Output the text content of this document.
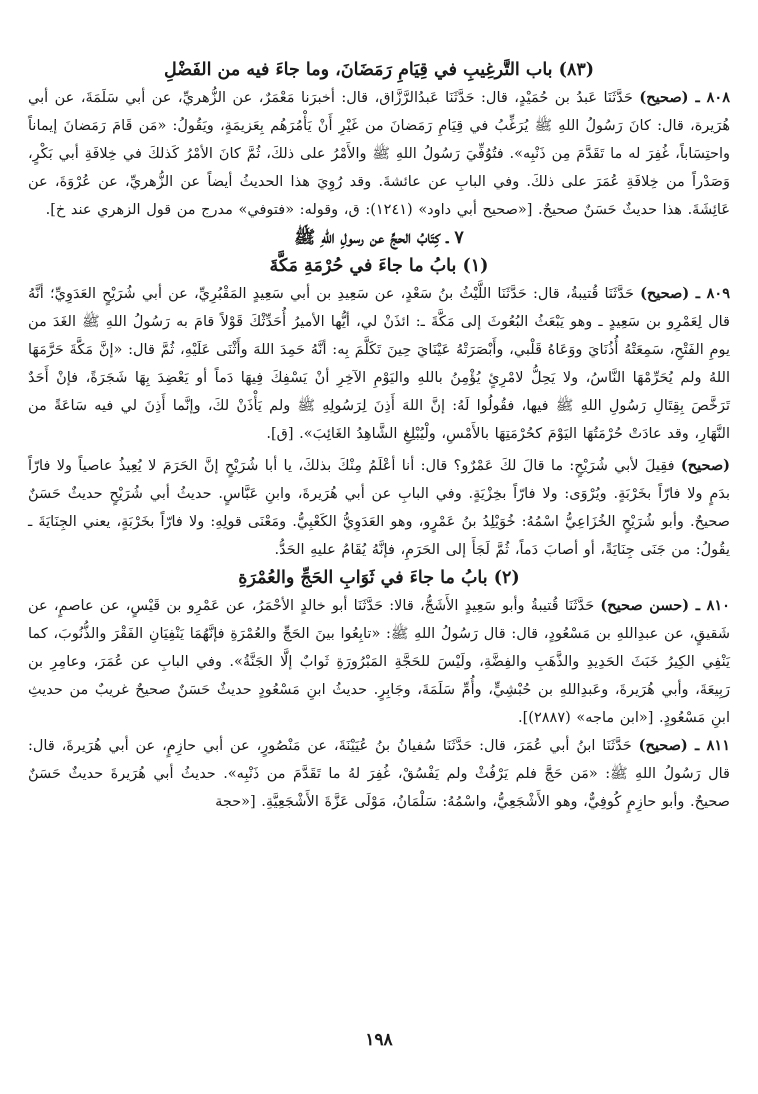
(٨٣) باب التَّرغِيبِ في قِيَامِ رَمَضَانَ، وما جاءَ فيه من الفَضْلِ

٨٠٨ ـ (صحيح) حَدَّثَنَا عَبدُ بن حُمَيْدٍ، قال: حَدَّثَنَا عَبدُالرَّزَّاق، قال: أخبرَنا مَعْمَرٌ، عن الزُّهريِّ، عن أبي سَلَمَةَ، عن أبي هُرَيرة، قال: كانَ رَسُولُ اللهِ ﷺ يُرَغِّبُ في قِيَامِ رَمَضانَ من غَيْرِ أَنْ يَأْمُرَهُم بِعَزيمَةٍ، ويَقُولُ: «مَن قَامَ رَمَضانَ إيماناً واحتِسَاباً، غُفِرَ له ما تَقَدَّمَ مِن ذَنْبِه». فتُوُفِّيَ رَسُولُ اللهِ ﷺ والأَمْرُ على ذلكَ، ثُمَّ كانَ الأمْرُ كَذلكَ في خِلافَةِ أبي بَكْرٍ، وَصَدْراً من خِلافَةِ عُمَرَ على ذلكَ. وفي البابِ عن عائشةَ. وقد رُوِيَ هذا الحديثُ أيضاً عن الزُّهريِّ، عن عُرْوَةَ، عن عَائِشَةَ. هذا حديثٌ حَسَنٌ صحيحٌ. [«صحيح أبي داود» (١٢٤١): ق، وقوله: «فتوفي» مدرج من قول الزهري عند خ].

٧ ـ كِتَابُ الحجِّ عن رسولِ اللهِ ﷺ

(١) بابُ ما جاءَ في حُرْمَةِ مَكَّةَ

٨٠٩ ـ (صحيح) حَدَّثَنَا قُتيبةُ، قال: حَدَّثَنَا اللَّيْثُ بنُ سَعْدٍ، عن سَعِيدِ بن أبي سَعِيدٍ المَقْبُرِيِّ، عن أبي شُرَيْحٍ العَدَوِيِّ؛ أنَّهُ قال لِعَمْرِو بن سَعِيدٍ ـ وهو يَبْعَثُ البُعُوثَ إلى مَكَّةَ ـ: ائذَنْ لي، أيُّها الأميرُ أُحَدِّثْكَ قَوْلاً قامَ به رَسُولُ اللهِ ﷺ الغَدَ من يومِ الفَتْحِ، سَمِعَتْهُ أُذُنَايَ ووَعَاهُ قَلْبي، وأَبْصَرَتْهُ عَيْنَايَ حِينَ تَكَلَّمَ بِه: أنَّهُ حَمِدَ اللهَ وأَثْنَى عَلَيْهِ، ثُمَّ قال: «إنَّ مَكَّةَ حَرَّمَهَا اللهُ ولم يُحَرِّمْهَا النَّاسُ، ولا يَحِلُّ لامْرِئٍ يُؤْمِنُ باللهِ واليَوْمِ الآخِرِ أنْ يَسْفِكَ فِيهَا دَماً أو يَعْضِدَ بِهَا شَجَرَةً، فإنْ أَحَدٌ تَرَخَّصَ بِقِتَالِ رَسُولِ اللهِ ﷺ فيها، فقُولُوا لَهُ: إنَّ اللهَ أَذِنَ لِرَسُولِهِ ﷺ ولم يَأْذَنْ لكَ، وإنَّما أَذِنَ لي فيه سَاعَةً من النَّهَارِ، وقد عادَتْ حُرْمَتُهَا اليَوْمَ كحُرْمَتِهَا بالأَمْسِ، ولْيُبْلِغِ الشَّاهِدُ الغَائِبَ». [ق].

(صحيح) فقِيلَ لأبي شُرَيْحٍ: ما قالَ لكَ عَمْرٌو؟ قال: أنا أعْلَمُ مِنْكَ بذلكَ، يا أبا شُرَيْحٍ إنَّ الحَرَمَ لا يُعِيذُ عاصياً ولا فارّاً بدَمٍ ولا فارّاً بخَرْبَةٍ. ويُرْوَى: ولا فارّاً بخِزْيَةٍ. وفي البابِ عن أبي هُرَيرةَ، وابنِ عَبَّاسٍ. حديثُ أبي شُرَيْحٍ حديثٌ حَسَنٌ صحيحٌ. وأبو شُرَيْحٍ الخُزَاعِيُّ اسْمُهُ: خُوَيْلِدُ بنُ عَمْرٍو، وهو العَدَوِيُّ الكَعْبِيُّ. ومَعْنَى قولِهِ: ولا فارّاً بخَرْبَةٍ، يعني الجِنَايَةَ ـ يقُولُ: من جَنَى جِنَايَةً، أو أصابَ دَماً، ثُمَّ لَجَأَ إلى الحَرَمِ، فإنَّهُ يُقَامُ عليهِ الحَدُّ.

(٢) بابُ ما جاءَ في ثَوَابِ الحَجِّ والعُمْرَةِ

٨١٠ ـ (حسن صحيح) حَدَّثَنَا قُتيبةُ وأبو سَعِيدٍ الأَشَجُّ، قالا: حَدَّثَنَا أبو خالدٍ الأحْمَرُ، عن عَمْرِو بن قَيْسٍ، عن عاصمٍ، عن شَقيقٍ، عن عبدِاللهِ بن مَسْعُودٍ، قال: قال رَسُولُ اللهِ ﷺ: «تابِعُوا بينَ الحَجِّ والعُمْرَةِ فإنَّهُمَا يَنْفِيَانِ الفَقْرَ والذُّنُوبَ، كما يَنْفِي الكِيرُ خَبَثَ الحَدِيدِ والذَّهَبِ والفِضَّةِ، ولَيْسَ للحَجَّةِ المَبْرُورَةِ ثَوابٌ إلَّا الجَنَّةُ». وفي البابِ عن عُمَرَ، وعامِرِ بن رَبِيعَةَ، وأبي هُرَيرةَ، وعَبدِاللهِ بن حُبْشِيٍّ، وأُمِّ سَلَمَةَ، وجَابِرٍ. حديثُ ابنِ مَسْعُودٍ حديثٌ حَسَنٌ صحيحٌ غريبٌ من حديثِ ابنِ مَسْعُودٍ. [«ابن ماجه» (٢٨٨٧)].

٨١١ ـ (صحيح) حَدَّثَنَا ابنُ أبي عُمَرَ، قال: حَدَّثَنَا سُفيانُ بنُ عُيَيْنَةَ، عن مَنْصُورٍ، عن أبي حازِمٍ، عن أبي هُرَيرةَ، قال: قال رَسُولُ اللهِ ﷺ: «مَن حَجَّ فلم يَرْفُثْ ولم يَفْسُقْ، غُفِرَ لهُ ما تَقَدَّمَ من ذَنْبِه». حديثُ أبي هُرَيرةَ حديثٌ حَسَنٌ صحيحٌ. وأبو حازِمٍ كُوفِيٌّ، وهو الأَشْجَعِيُّ، واسْمُهُ: سَلْمَانُ، مَوْلَى عَزَّةَ الأَشْجَعِيَّةِ. [«حجة

١٩٨
